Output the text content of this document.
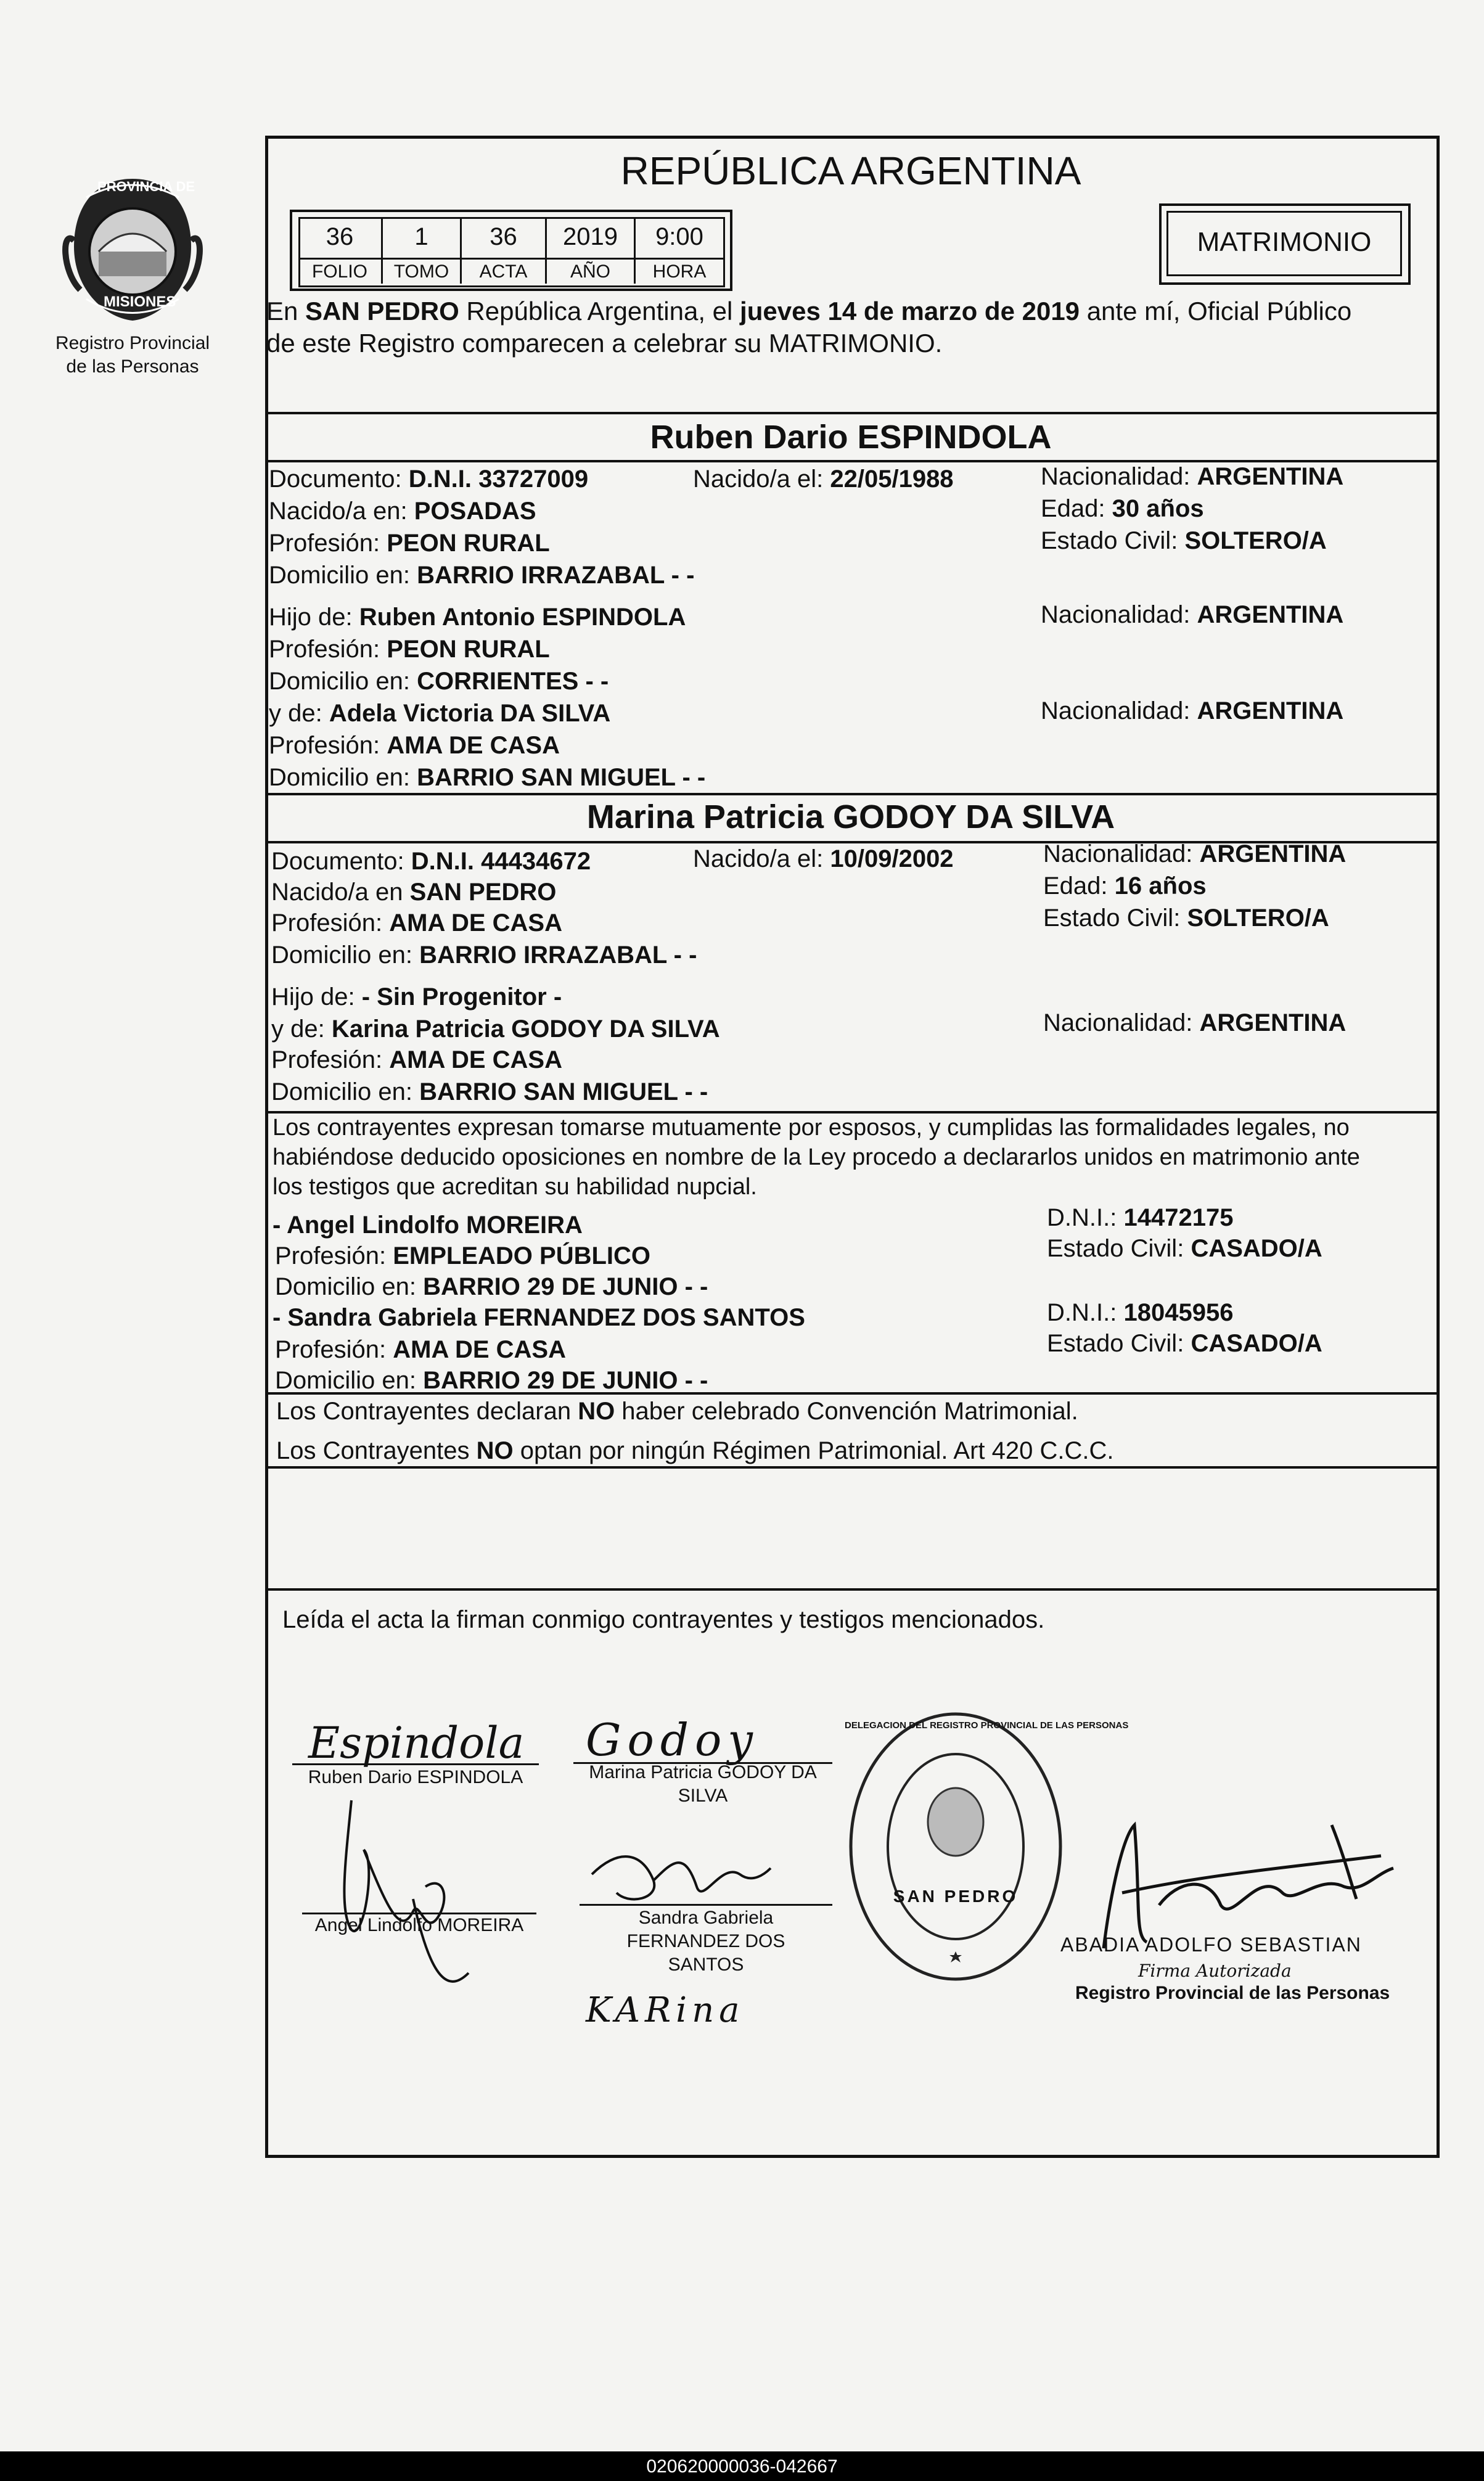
PROVINCIA DE
MISIONES
Registro Provincial
de las Personas
REPÚBLICA ARGENTINA
36	1	36	2019	9:00
FOLIO	TOMO	ACTA	AÑO	HORA
MATRIMONIO
En SAN PEDRO República Argentina, el jueves 14 de marzo de 2019 ante mí, Oficial Público
de este Registro comparecen a celebrar su MATRIMONIO.
Ruben Dario ESPINDOLA
Documento: D.N.I. 33727009	Nacido/a el: 22/05/1988	Nacionalidad: ARGENTINA
Nacido/a en: POSADAS	Edad: 30 años
Profesión: PEON RURAL	Estado Civil: SOLTERO/A
Domicilio en: BARRIO IRRAZABAL - -
Hijo de: Ruben Antonio ESPINDOLA	Nacionalidad: ARGENTINA
Profesión: PEON RURAL
Domicilio en: CORRIENTES - -
y de: Adela Victoria DA SILVA	Nacionalidad: ARGENTINA
Profesión: AMA DE CASA
Domicilio en: BARRIO SAN MIGUEL - -
Marina Patricia GODOY DA SILVA
Documento: D.N.I. 44434672	Nacido/a el: 10/09/2002	Nacionalidad: ARGENTINA
Nacido/a en SAN PEDRO	Edad: 16 años
Profesión: AMA DE CASA	Estado Civil: SOLTERO/A
Domicilio en: BARRIO IRRAZABAL - -
Hijo de: - Sin Progenitor -
y de: Karina Patricia GODOY DA SILVA	Nacionalidad: ARGENTINA
Profesión: AMA DE CASA
Domicilio en: BARRIO SAN MIGUEL - -
Los contrayentes expresan tomarse mutuamente por esposos, y cumplidas las formalidades legales, no
habiéndose deducido oposiciones en nombre de la Ley procedo a declararlos unidos en matrimonio ante
los testigos que acreditan su habilidad nupcial.
- Angel Lindolfo MOREIRA	D.N.I.: 14472175
Profesión: EMPLEADO PÚBLICO	Estado Civil: CASADO/A
Domicilio en: BARRIO 29 DE JUNIO - -
- Sandra Gabriela FERNANDEZ DOS SANTOS	D.N.I.: 18045956
Profesión: AMA DE CASA	Estado Civil: CASADO/A
Domicilio en: BARRIO 29 DE JUNIO - -
Los Contrayentes declaran NO haber celebrado Convención Matrimonial.
Los Contrayentes NO optan por ningún Régimen Patrimonial. Art 420 C.C.C.
Leída el acta la firman conmigo contrayentes y testigos mencionados.
Espindola
Ruben Dario ESPINDOLA
Godoy
Marina Patricia GODOY DA
SILVA
Angel Lindolfo MOREIRA	Sandra Gabriela
FERNANDEZ DOS
SANTOS
KARina
DELEGACION DEL REGISTRO PROVINCIAL DE LAS PERSONAS
SAN PEDRO
ABADIA ADOLFO SEBASTIAN
Firma Autorizada
Registro Provincial de las Personas
020620000036-042667
